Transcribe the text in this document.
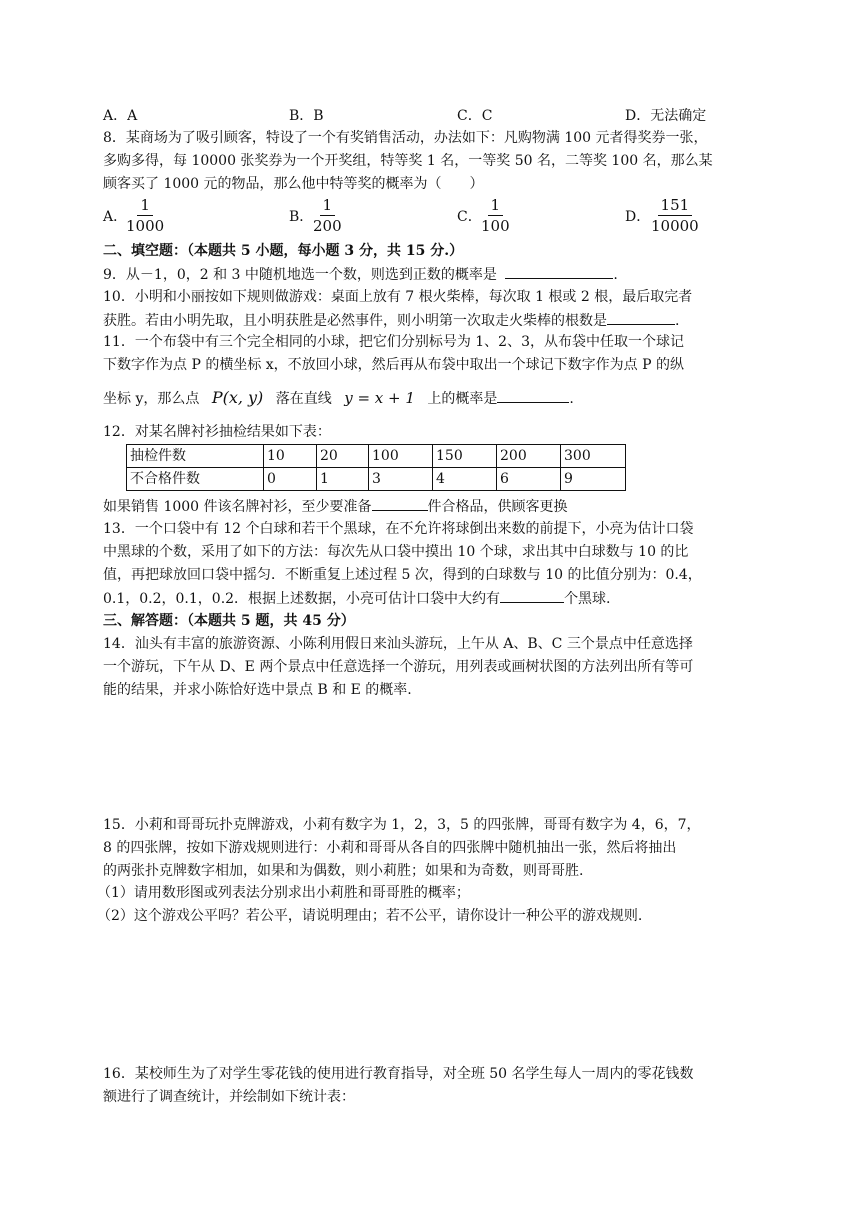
A．A	B．B	C．C	D．无法确定
8．某商场为了吸引顾客，特设了一个有奖销售活动，办法如下：凡购物满 100 元者得奖券一张，
多购多得，每 10000 张奖券为一个开奖组，特等奖 1 名，一等奖 50 名，二等奖 100 名，那么某
顾客买了 1000 元的物品，那么他中特等奖的概率为（　　）
A．
$\frac{1}{1000}$	B． $\frac{1}{200}$	C． $\frac{1}{100}$	D． $\frac{151}{10000}$
二、填空题：（本题共 5 小题，每小题 3 分，共 15 分.）
9．从－1，0，2 和 3 中随机地选一个数，则选到正数的概率是	.
10．小明和小丽按如下规则做游戏：桌面上放有 7 根火柴棒，每次取 1 根或 2 根，最后取完者
获胜。若由小明先取，且小明获胜是必然事件，则小明第一次取走火柴棒的根数是	.
11．一个布袋中有三个完全相同的小球，把它们分别标号为 1、2、3，从布袋中任取一个球记
下数字作为点 P 的横坐标 x，不放回小球，然后再从布袋中取出一个球记下数字作为点 P 的纵
坐标 y，那么点 P(x, y) 落在直线 y = x + 1 上的概率是	.
12．对某名牌衬衫抽检结果如下表：
抽检件数	10	20	100	150	200	300
不合格件数	0	1	3	4	6	9
如果销售 1000 件该名牌衬衫，至少要准备	件合格品，供顾客更换
13．一个口袋中有 12 个白球和若干个黑球，在不允许将球倒出来数的前提下，小亮为估计口袋
中黑球的个数，采用了如下的方法：每次先从口袋中摸出 10 个球，求出其中白球数与 10 的比
值，再把球放回口袋中摇匀．不断重复上述过程 5 次，得到的白球数与 10 的比值分别为：0.4，
0.1，0.2，0.1，0.2．根据上述数据，小亮可估计口袋中大约有	个黑球.
三、解答题：（本题共 5 题，共 45 分）
14．汕头有丰富的旅游资源、小陈利用假日来汕头游玩，上午从 A、B、C 三个景点中任意选择
一个游玩，下午从 D、E 两个景点中任意选择一个游玩，用列表或画树状图的方法列出所有等可
能的结果，并求小陈恰好选中景点 B 和 E 的概率.
15．小莉和哥哥玩扑克牌游戏，小莉有数字为 1，2，3，5 的四张牌，哥哥有数字为 4，6，7，
8 的四张牌，按如下游戏规则进行：小莉和哥哥从各自的四张牌中随机抽出一张，然后将抽出
的两张扑克牌数字相加，如果和为偶数，则小莉胜；如果和为奇数，则哥哥胜.
（1）请用数形图或列表法分别求出小莉胜和哥哥胜的概率；
（2）这个游戏公平吗？若公平，请说明理由；若不公平，请你设计一种公平的游戏规则.
16．某校师生为了对学生零花钱的使用进行教育指导，对全班 50 名学生每人一周内的零花钱数
额进行了调查统计，并绘制如下统计表：
